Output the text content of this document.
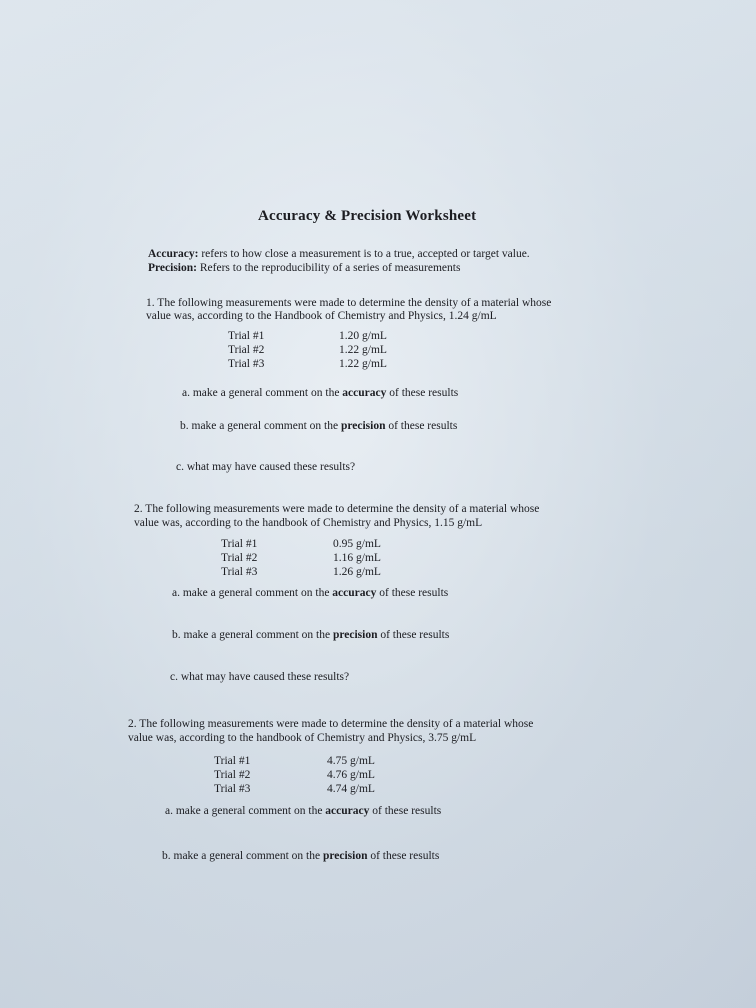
Accuracy & Precision Worksheet
Accuracy: refers to how close a measurement is to a true, accepted or target value.
Precision: Refers to the reproducibility of a series of measurements
1. The following measurements were made to determine the density of a material whose
value was, according to the Handbook of Chemistry and Physics, 1.24 g/mL
Trial #1	1.20 g/mL
Trial #2	1.22 g/mL
Trial #3	1.22 g/mL
a. make a general comment on the accuracy of these results
b. make a general comment on the precision of these results
c. what may have caused these results?
2. The following measurements were made to determine the density of a material whose
value was, according to the handbook of Chemistry and Physics, 1.15 g/mL
Trial #1	0.95 g/mL
Trial #2	1.16 g/mL
Trial #3	1.26 g/mL
a. make a general comment on the accuracy of these results
b. make a general comment on the precision of these results
c. what may have caused these results?
2. The following measurements were made to determine the density of a material whose
value was, according to the handbook of Chemistry and Physics, 3.75 g/mL
Trial #1	4.75 g/mL
Trial #2	4.76 g/mL
Trial #3	4.74 g/mL
a. make a general comment on the accuracy of these results
b. make a general comment on the precision of these results
